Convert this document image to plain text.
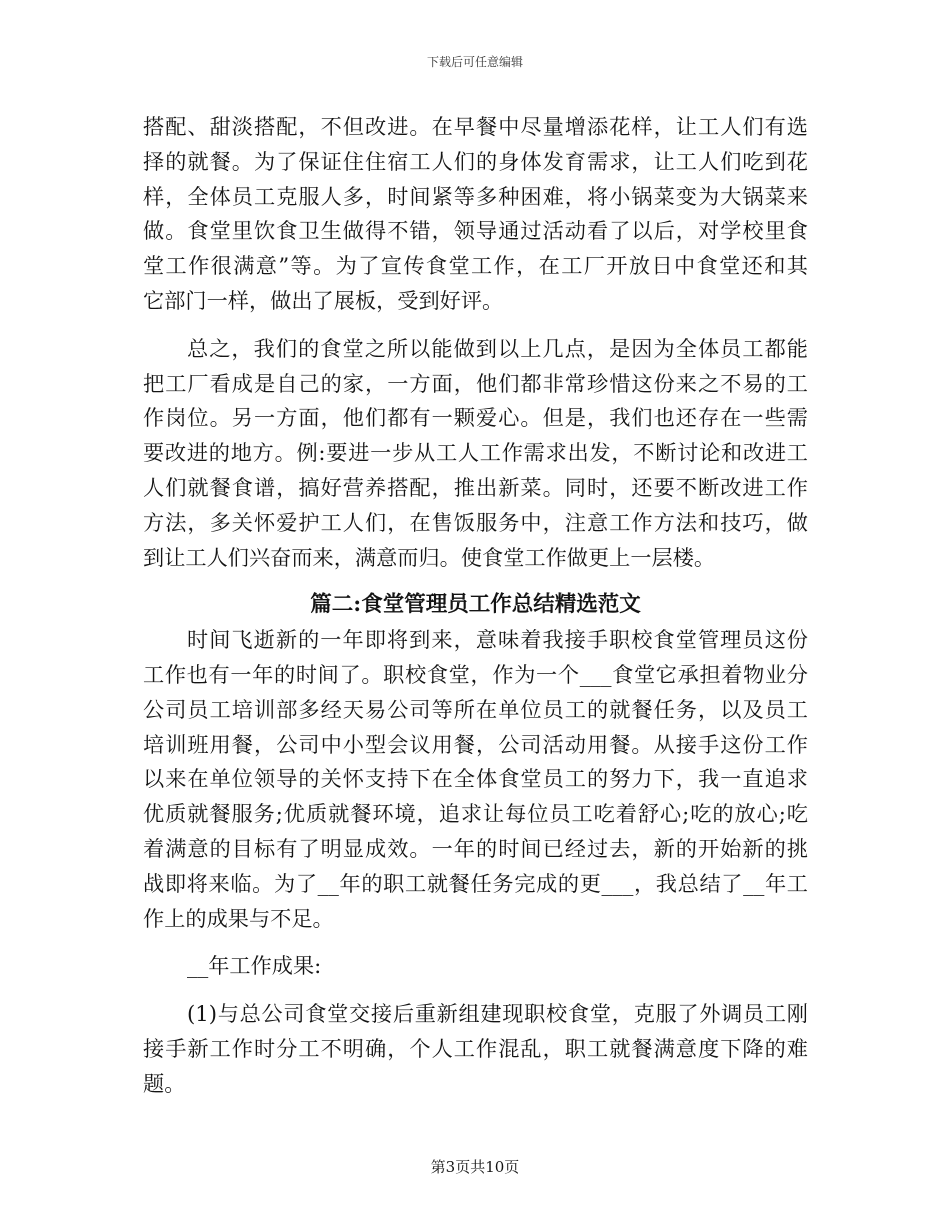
下载后可任意编辑
搭配、甜淡搭配，不但改进。在早餐中尽量增添花样，让工人们有选
择的就餐。为了保证住住宿工人们的身体发育需求，让工人们吃到花
样，全体员工克服人多，时间紧等多种困难，将小锅菜变为大锅菜来
做。食堂里饮食卫生做得不错，领导通过活动看了以后，对学校里食
堂工作很满意”等。为了宣传食堂工作，在工厂开放日中食堂还和其
它部门一样，做出了展板，受到好评。
总之，我们的食堂之所以能做到以上几点，是因为全体员工都能
把工厂看成是自己的家，一方面，他们都非常珍惜这份来之不易的工
作岗位。另一方面，他们都有一颗爱心。但是，我们也还存在一些需
要改进的地方。例:要进一步从工人工作需求出发，不断讨论和改进工
人们就餐食谱，搞好营养搭配，推出新菜。同时，还要不断改进工作
方法，多关怀爱护工人们，在售饭服务中，注意工作方法和技巧，做
到让工人们兴奋而来，满意而归。使食堂工作做更上一层楼。
篇二:食堂管理员工作总结精选范文
时间飞逝新的一年即将到来，意味着我接手职校食堂管理员这份
工作也有一年的时间了。职校食堂，作为一个___食堂它承担着物业分
公司员工培训部多经天易公司等所在单位员工的就餐任务，以及员工
培训班用餐，公司中小型会议用餐，公司活动用餐。从接手这份工作
以来在单位领导的关怀支持下在全体食堂员工的努力下，我一直追求
优质就餐服务;优质就餐环境，追求让每位员工吃着舒心;吃的放心;吃
着满意的目标有了明显成效。一年的时间已经过去，新的开始新的挑
战即将来临。为了__年的职工就餐任务完成的更___，我总结了__年工
作上的成果与不足。
__年工作成果:
(1)与总公司食堂交接后重新组建现职校食堂，克服了外调员工刚
接手新工作时分工不明确，个人工作混乱，职工就餐满意度下降的难
题。
第3页共10页
